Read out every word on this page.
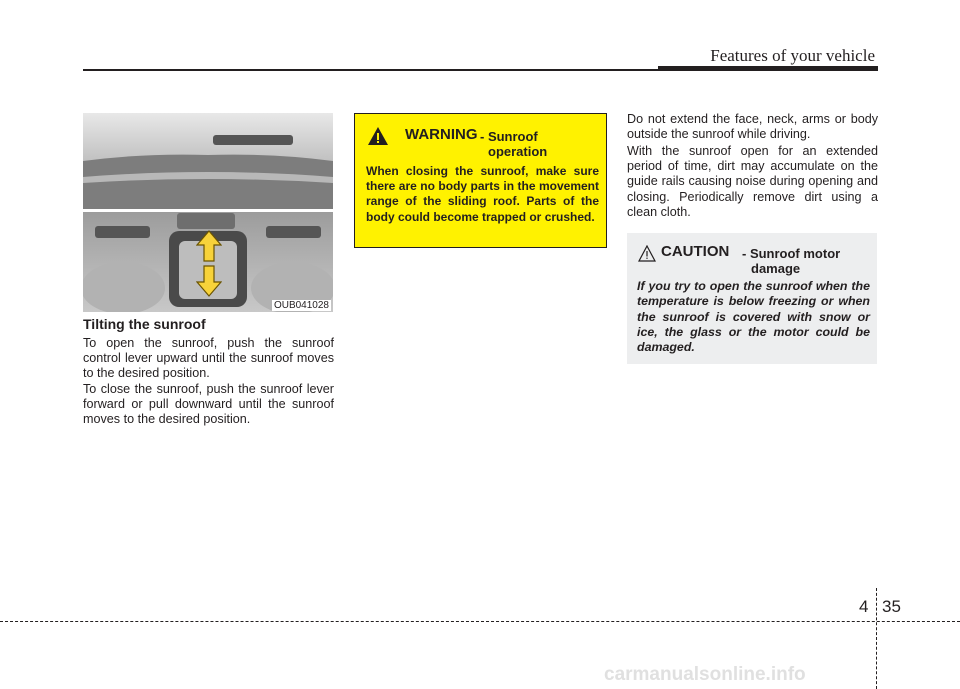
Features of your vehicle
OUB041028
Tilting the sunroof

To open the sunroof, push the sunroof control lever upward until the sunroof moves to the desired position.

To close the sunroof, push the sunroof lever forward or pull downward until the sunroof moves to the desired position.

WARNING - Sunroof
operation

When closing the sunroof, make sure there are no body parts in the movement range of the sliding roof. Parts of the body could become trapped or crushed.

Do not extend the face, neck, arms or body outside the sunroof while driving.

With the sunroof open for an extended period of time, dirt may accumulate on the guide rails causing noise during opening and closing. Periodically remove dirt using a clean cloth.

CAUTION - Sunroof motor
damage

If you try to open the sunroof when the temperature is below freezing or when the sunroof is covered with snow or ice, the glass or the motor could be damaged.

4 35
carmanualsonline.info
